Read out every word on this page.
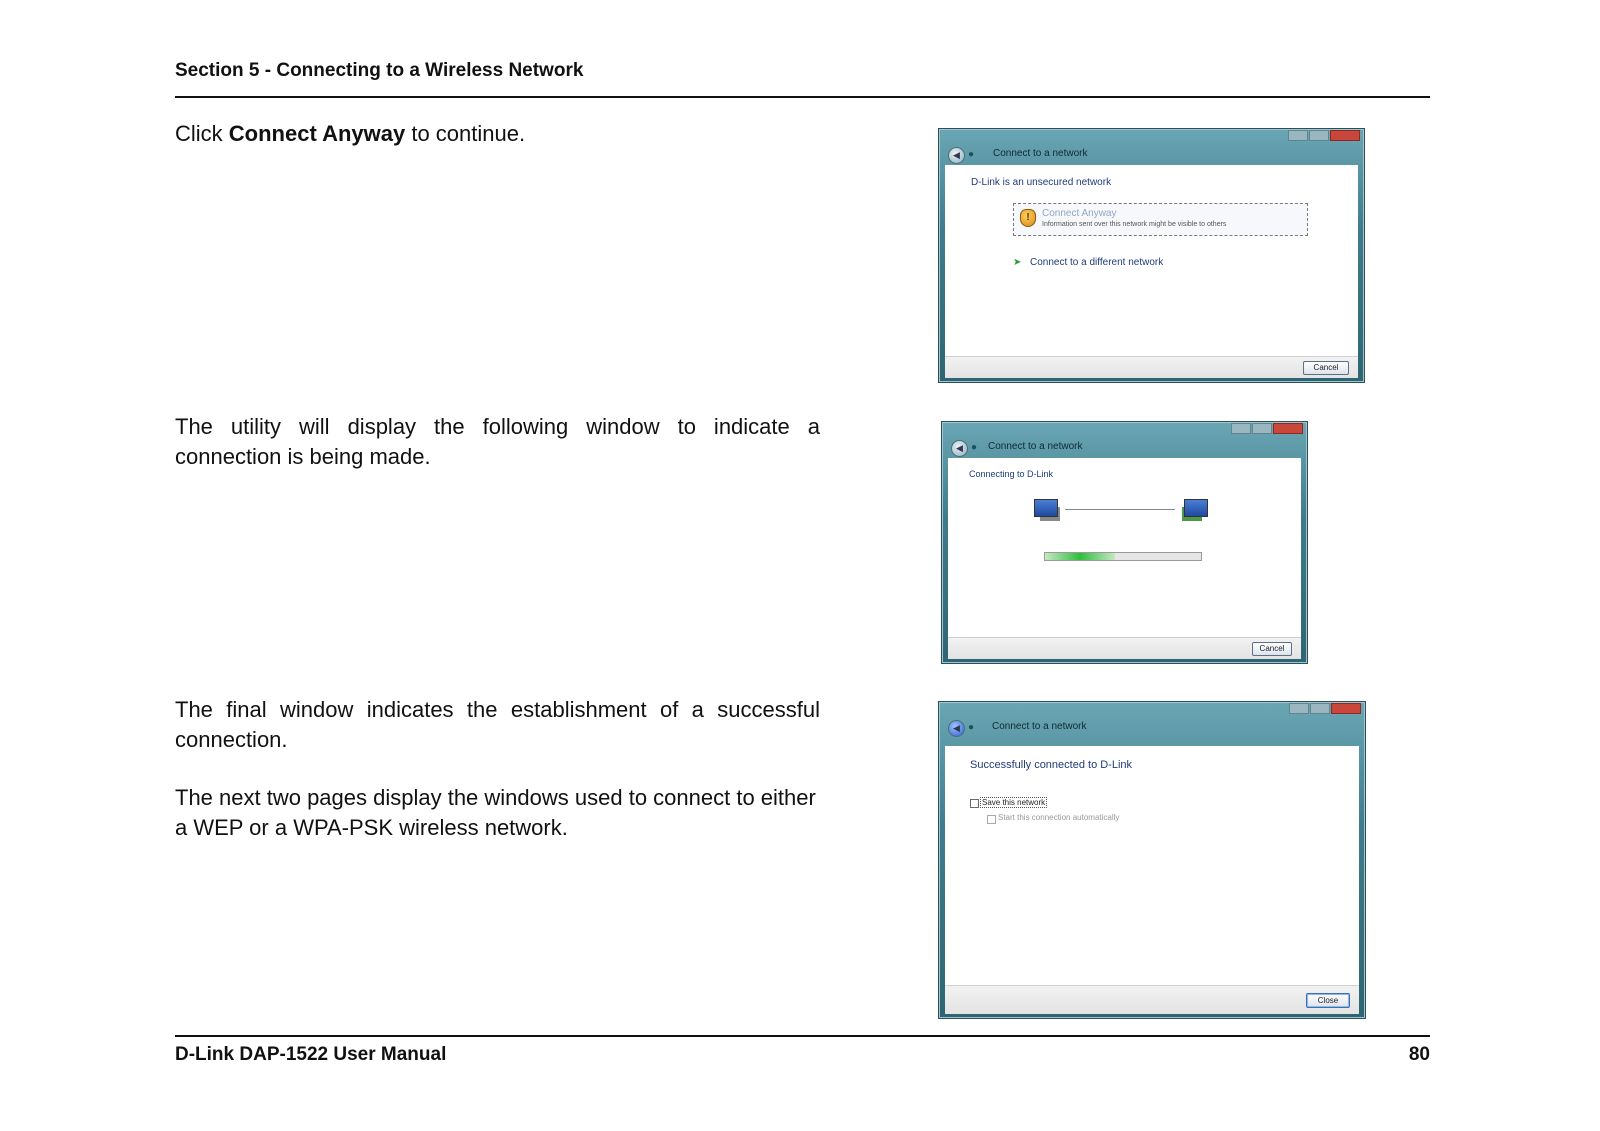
Section 5 - Connecting to a Wireless Network
Click Connect Anyway to continue.
The utility will display the following window to indicate a connection is being made.
The final window indicates the establishment of a successful connection.
The next two pages display the windows used to connect to either a WEP or a WPA-PSK wireless network.
◀ ● Connect to a network
D-Link is an unsecured network
!	Connect Anyway
Information sent over this network might be visible to others
➤ Connect to a different network
Cancel
◀ ● Connect to a network
Connecting to D-Link
Cancel
◀ ● Connect to a network
Successfully connected to D-Link
Save this network
Start this connection automatically
Close
D-Link DAP-1522 User Manual	80
